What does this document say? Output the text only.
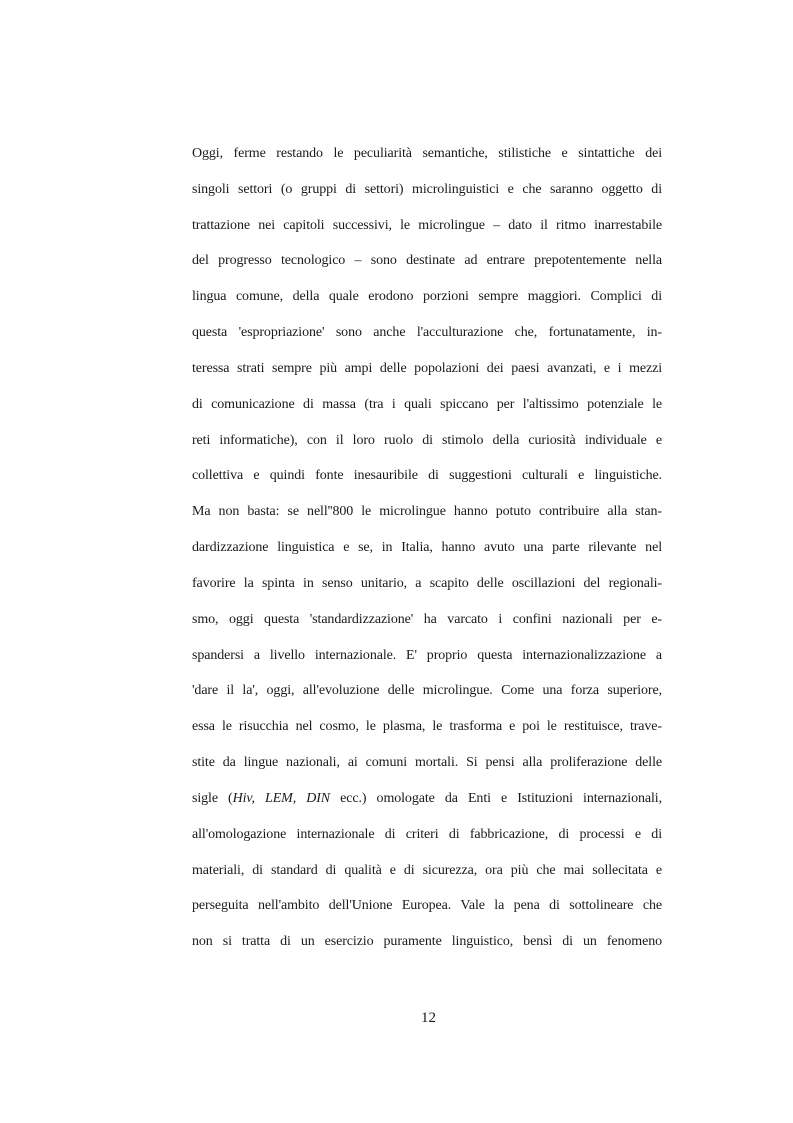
Oggi, ferme restando le peculiarità semantiche, stilistiche e sintattiche dei
singoli settori (o gruppi di settori) microlinguistici e che saranno oggetto di
trattazione nei capitoli successivi, le microlingue – dato il ritmo inarrestabile
del progresso tecnologico – sono destinate ad entrare prepotentemente nella
lingua comune, della quale erodono porzioni sempre maggiori. Complici di
questa 'espropriazione' sono anche l'acculturazione che, fortunatamente, in-
teressa strati sempre più ampi delle popolazioni dei paesi avanzati, e i mezzi
di comunicazione di massa (tra i quali spiccano per l'altissimo potenziale le
reti informatiche), con il loro ruolo di stimolo della curiosità individuale e
collettiva e quindi fonte inesauribile di suggestioni culturali e linguistiche.
Ma non basta: se nell''800 le microlingue hanno potuto contribuire alla stan-
dardizzazione linguistica e se, in Italia, hanno avuto una parte rilevante nel
favorire la spinta in senso unitario, a scapito delle oscillazioni del regionali-
smo, oggi questa 'standardizzazione' ha varcato i confini nazionali per e-
spandersi a livello internazionale. E' proprio questa internazionalizzazione a
'dare il la', oggi, all'evoluzione delle microlingue. Come una forza superiore,
essa le risucchia nel cosmo, le plasma, le trasforma e poi le restituisce, trave-
stite da lingue nazionali, ai comuni mortali. Si pensi alla proliferazione delle
sigle (Hiv, LEM, DIN ecc.) omologate da Enti e Istituzioni internazionali,
all'omologazione internazionale di criteri di fabbricazione, di processi e di
materiali, di standard di qualità e di sicurezza, ora più che mai sollecitata e
perseguita nell'ambito dell'Unione Europea. Vale la pena di sottolineare che
non si tratta di un esercizio puramente linguistico, bensì di un fenomeno
12
